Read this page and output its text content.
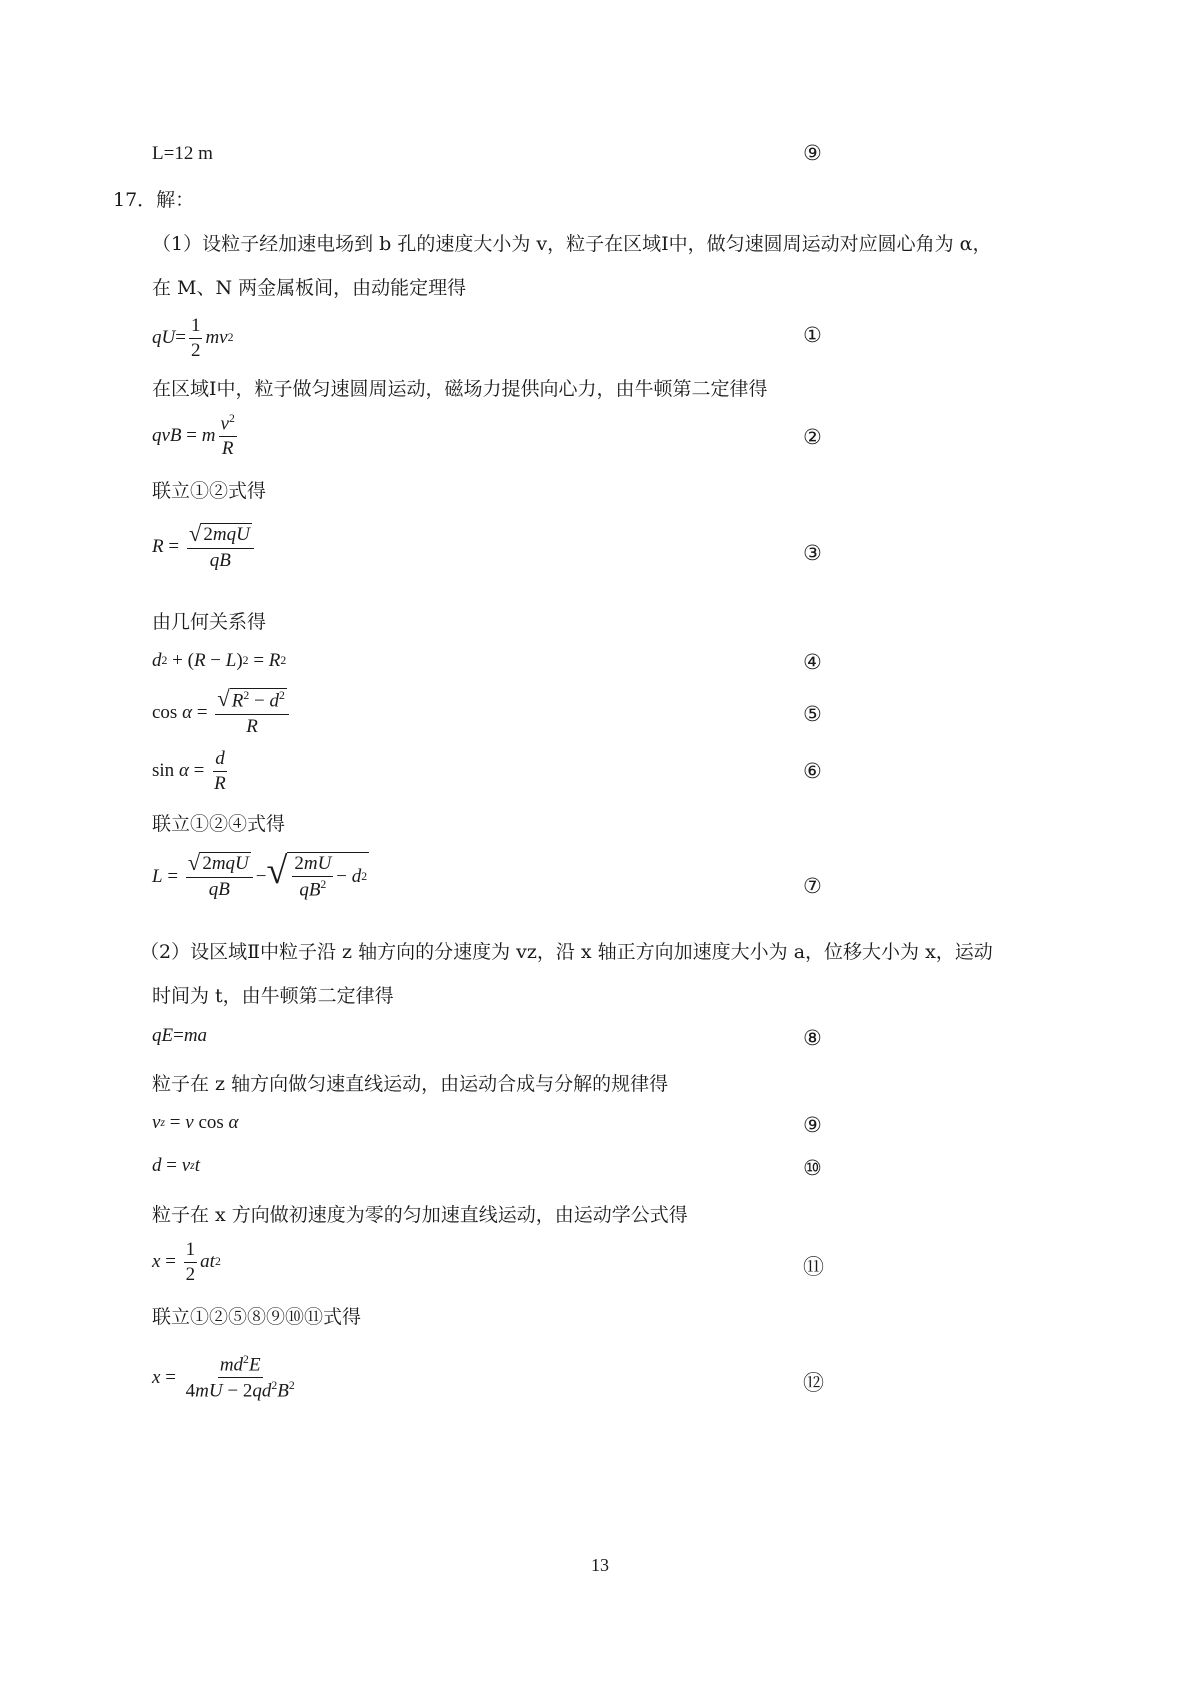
L=12 m	⑨
17．解：
（1）设粒子经加速电场到 b 孔的速度大小为 v，粒子在区域Ⅰ中，做匀速圆周运动对应圆心角为 α，
在 M、N 两金属板间，由动能定理得
qU = $\frac{1}{2}$ mv 2	①
在区域Ⅰ中，粒子做匀速圆周运动，磁场力提供向心力，由牛顿第二定律得
qvB = m $\frac{v^2}{R}$	②
联立①②式得
$R = \frac{\text{√ 2mqU}}{qB}$	③
由几何关系得
d 2 + ( R − L ) 2 = R 2	④
$\cos \alpha = \frac{√ R^2 - d^2}{R}$	⑤
$\sin \alpha = \frac{d}{R}$	⑥
联立①②④式得
$L = \frac{\text{√ 2mqU}}{qB}$ − √ $\frac{2mU}{qB^2} - d$ 2	⑦
（2）设区域Ⅱ中粒子沿 z 轴方向的分速度为 vz，沿 x 轴正方向加速度大小为 a，位移大小为 x，运动
时间为 t，由牛顿第二定律得
qE = ma	⑧
粒子在 z 轴方向做匀速直线运动，由运动合成与分解的规律得
v z = v cos α	⑨
d = v z t	⑩
粒子在 x 方向做初速度为零的匀加速直线运动，由运动学公式得
$x = \frac{1}{2}$ at 2	⑪
联立①②⑤⑧⑨⑩⑪式得
$x = \frac{md^2E}{4mU - 2qd^2B^2}$	⑫
13
